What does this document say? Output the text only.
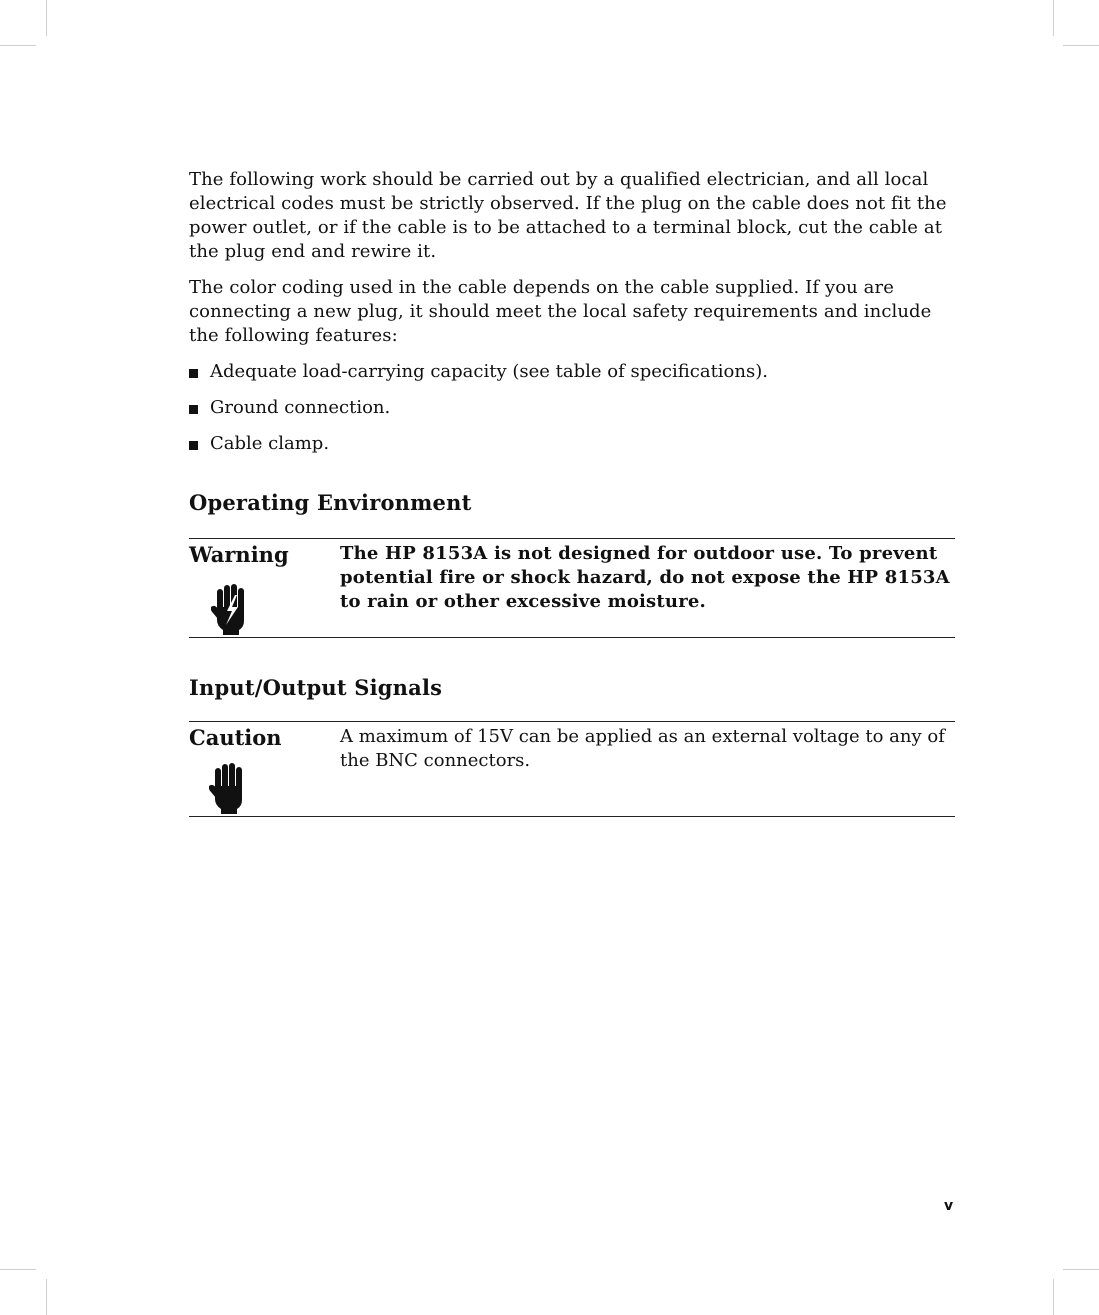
The following work should be carried out by a qualified electrician, and all local electrical codes must be strictly observed. If the plug on the cable does not fit the power outlet, or if the cable is to be attached to a terminal block, cut the cable at the plug end and rewire it.

The color coding used in the cable depends on the cable supplied. If you are connecting a new plug, it should meet the local safety requirements and include the following features:

Adequate load-carrying capacity (see table of specifications).
Ground connection.
Cable clamp.
Operating Environment
Warning	The HP 8153A is not designed for outdoor use. To prevent potential fire or shock hazard, do not expose the HP 8153A to rain or other excessive moisture.
Input/Output Signals
Caution	A maximum of 15V can be applied as an external voltage to any of the BNC connectors.
v
